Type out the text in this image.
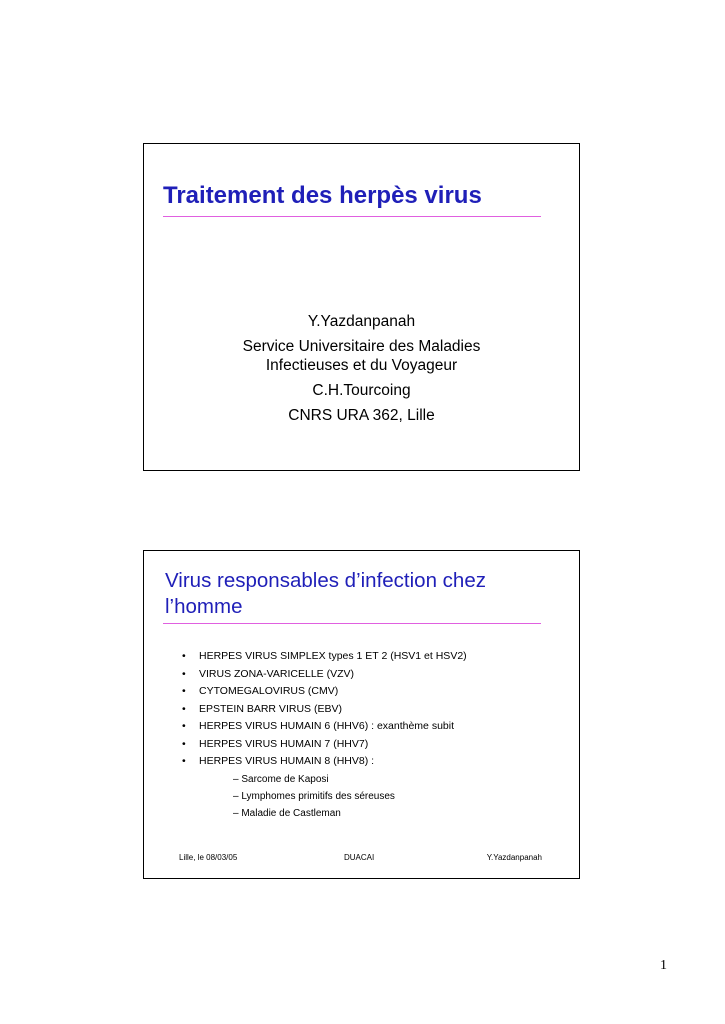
Traitement des herpès virus
Y.Yazdanpanah
Service Universitaire des Maladies
Infectieuses et du Voyageur
C.H.Tourcoing
CNRS URA 362, Lille
Virus responsables d’infection chez
l’homme
• HERPES VIRUS SIMPLEX types 1 ET 2 (HSV1 et HSV2)
• VIRUS ZONA-VARICELLE (VZV)
• CYTOMEGALOVIRUS (CMV)
• EPSTEIN BARR VIRUS (EBV)
• HERPES VIRUS HUMAIN 6 (HHV6) : exanthème subit
• HERPES VIRUS HUMAIN 7 (HHV7)
• HERPES VIRUS HUMAIN 8 (HHV8) :
– Sarcome de Kaposi
– Lymphomes primitifs des séreuses
– Maladie de Castleman
Lille, le 08/03/05	DUACAI	Y.Yazdanpanah
1
